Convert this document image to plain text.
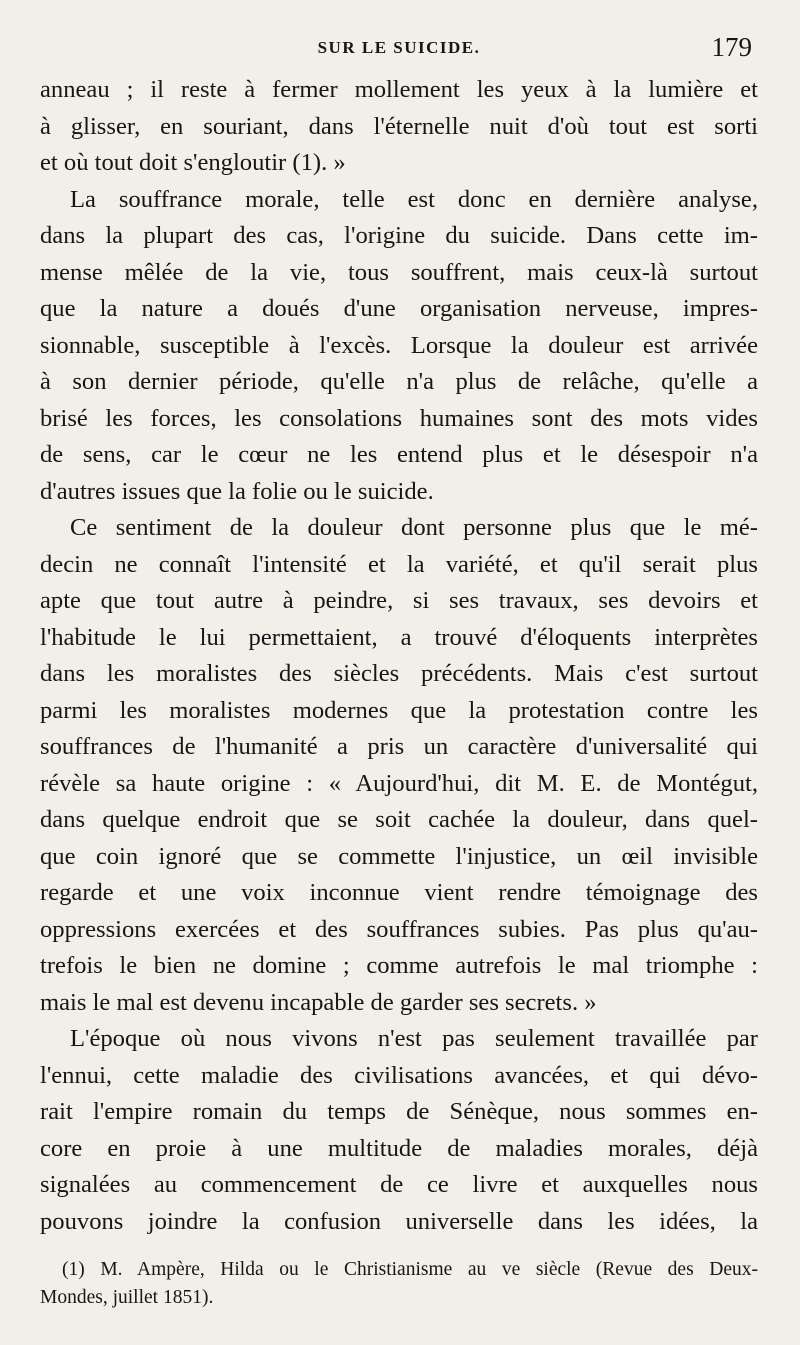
SUR LE SUICIDE.	179
anneau ; il reste à fermer mollement les yeux à la lumière et
à glisser, en souriant, dans l'éternelle nuit d'où tout est sorti
et où tout doit s'engloutir (1). »
La souffrance morale, telle est donc en dernière analyse,
dans la plupart des cas, l'origine du suicide. Dans cette im-
mense mêlée de la vie, tous souffrent, mais ceux-là surtout
que la nature a doués d'une organisation nerveuse, impres-
sionnable, susceptible à l'excès. Lorsque la douleur est arrivée
à son dernier période, qu'elle n'a plus de relâche, qu'elle a
brisé les forces, les consolations humaines sont des mots vides
de sens, car le cœur ne les entend plus et le désespoir n'a
d'autres issues que la folie ou le suicide.
Ce sentiment de la douleur dont personne plus que le mé-
decin ne connaît l'intensité et la variété, et qu'il serait plus
apte que tout autre à peindre, si ses travaux, ses devoirs et
l'habitude le lui permettaient, a trouvé d'éloquents interprètes
dans les moralistes des siècles précédents. Mais c'est surtout
parmi les moralistes modernes que la protestation contre les
souffrances de l'humanité a pris un caractère d'universalité qui
révèle sa haute origine : « Aujourd'hui, dit M. E. de Montégut,
dans quelque endroit que se soit cachée la douleur, dans quel-
que coin ignoré que se commette l'injustice, un œil invisible
regarde et une voix inconnue vient rendre témoignage des
oppressions exercées et des souffrances subies. Pas plus qu'au-
trefois le bien ne domine ; comme autrefois le mal triomphe :
mais le mal est devenu incapable de garder ses secrets. »
L'époque où nous vivons n'est pas seulement travaillée par
l'ennui, cette maladie des civilisations avancées, et qui dévo-
rait l'empire romain du temps de Sénèque, nous sommes en-
core en proie à une multitude de maladies morales, déjà
signalées au commencement de ce livre et auxquelles nous
pouvons joindre la confusion universelle dans les idées, la
(1) M. Ampère, Hilda ou le Christianisme au ve siècle (Revue des Deux-
Mondes, juillet 1851).
